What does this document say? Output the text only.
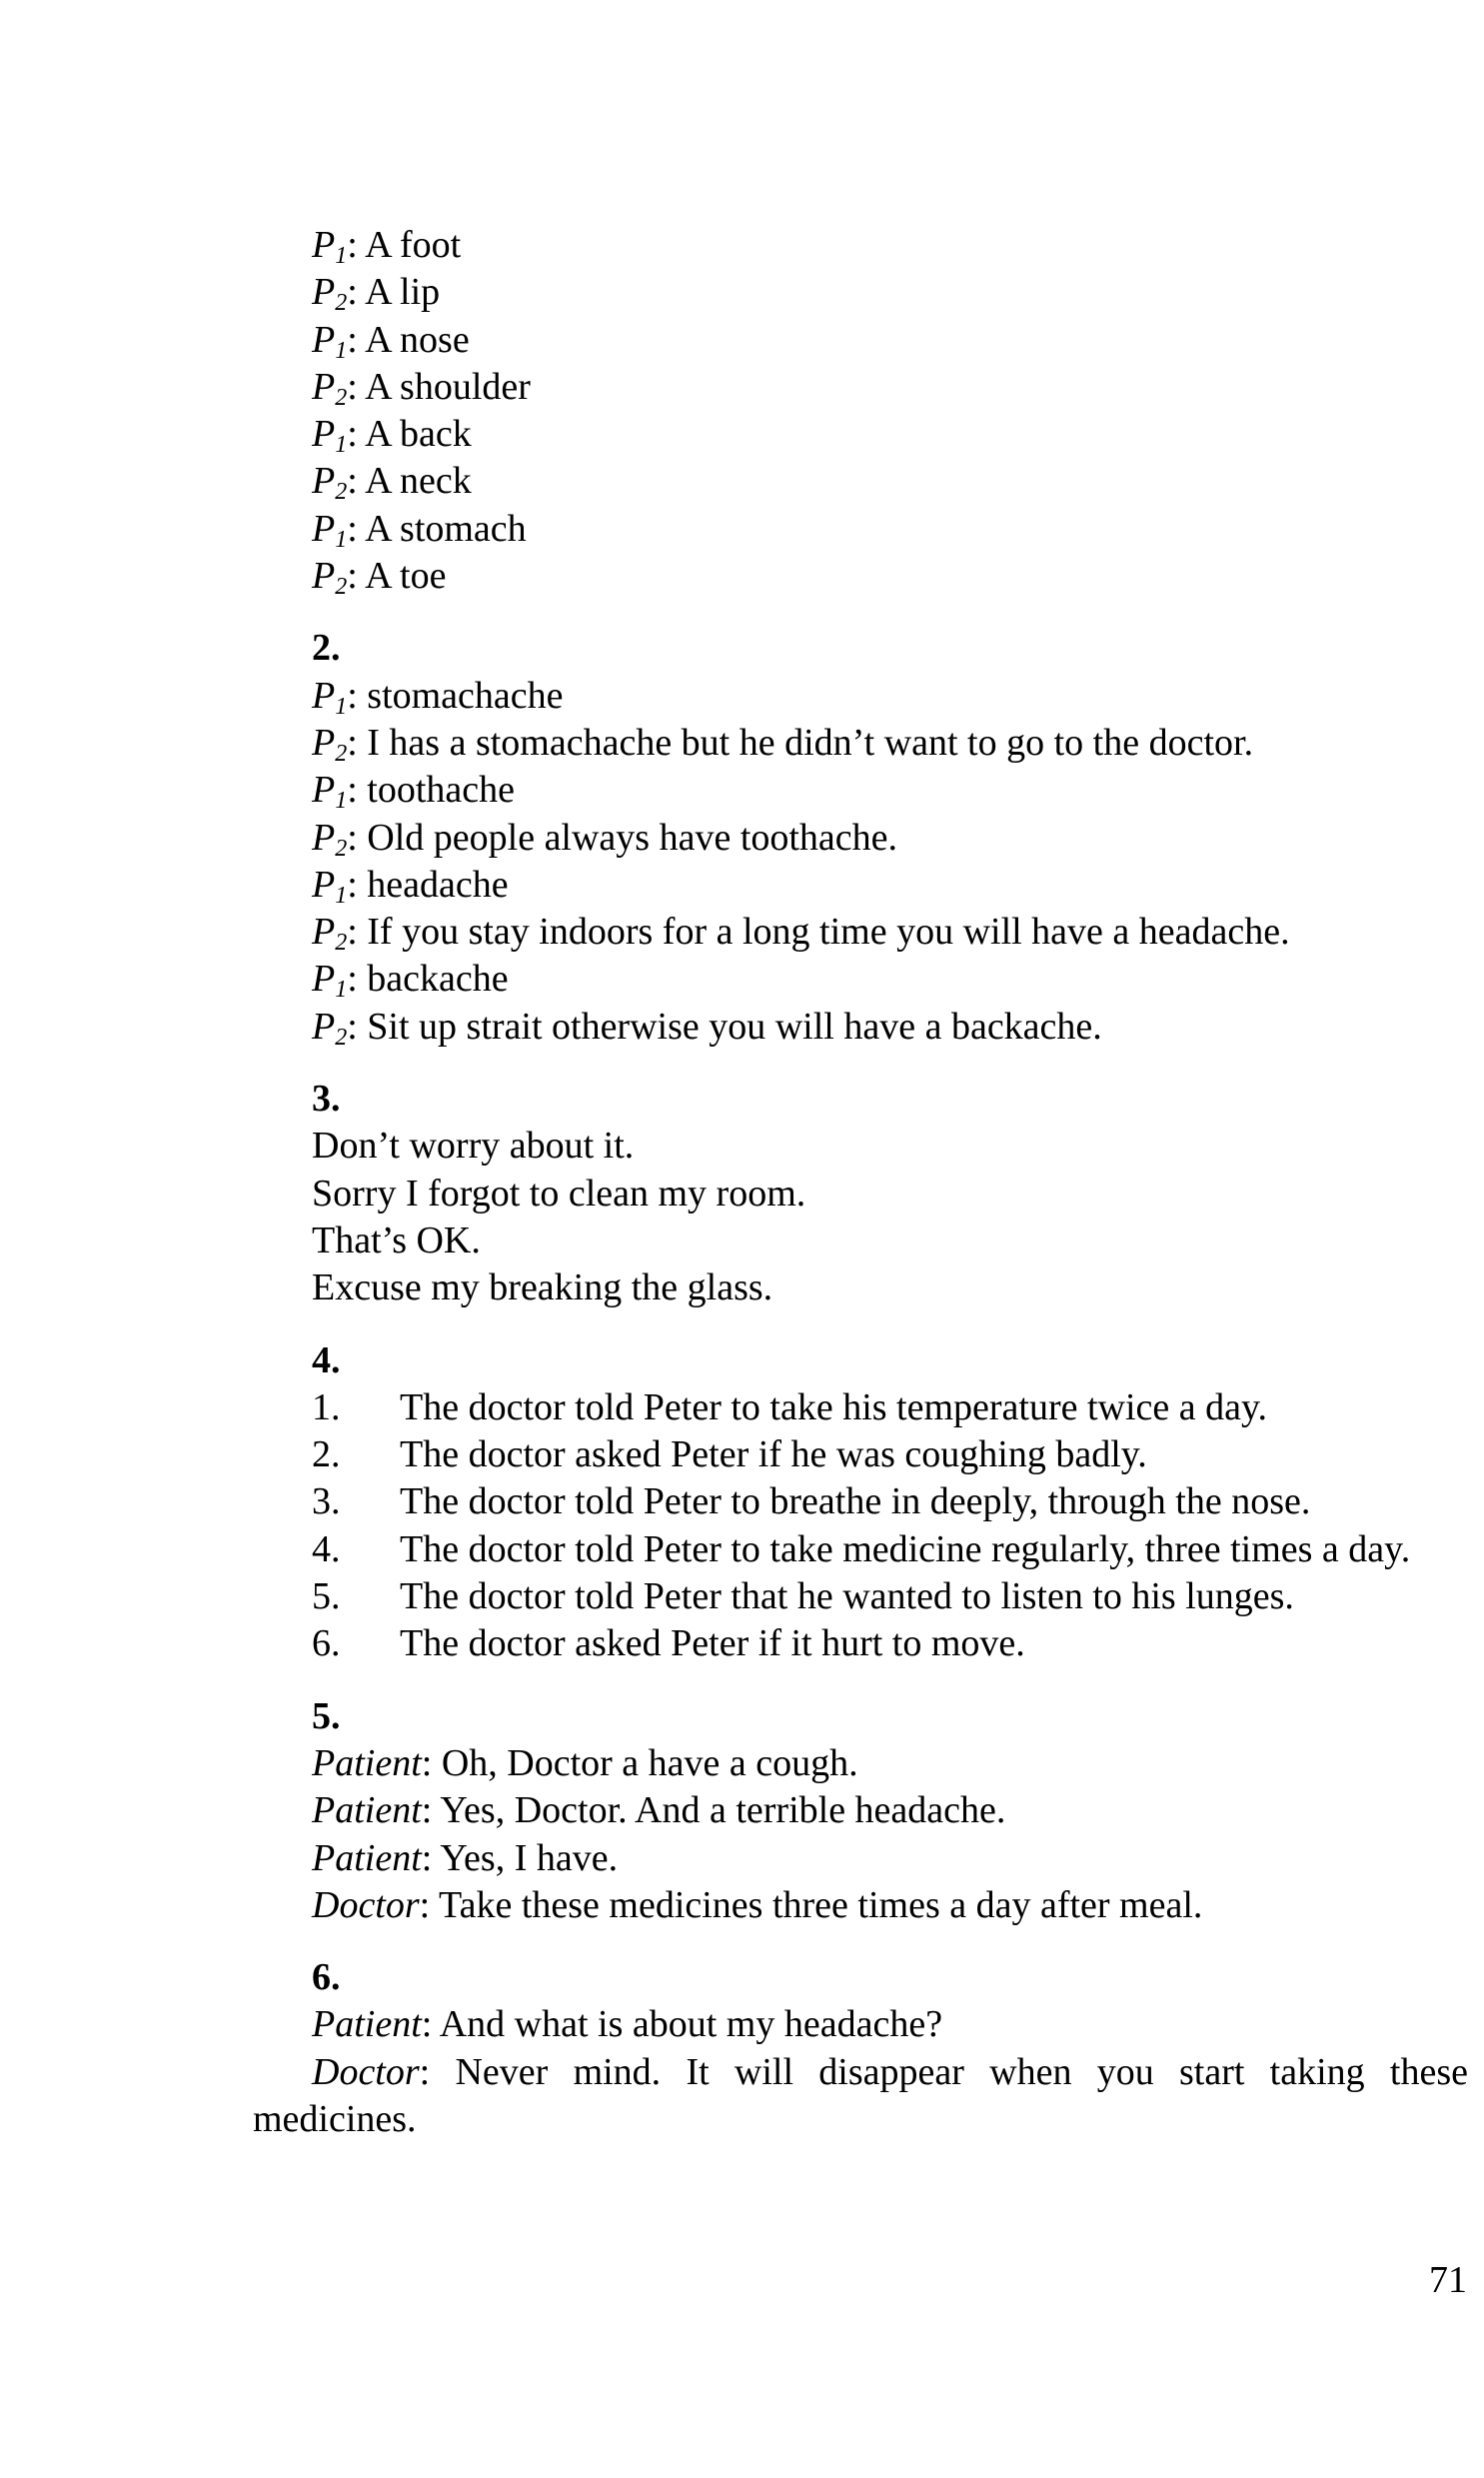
$P_1$: A foot
$P_2$: A lip
$P_1$: A nose
$P_2$: A shoulder
$P_1$: A back
$P_2$: A neck
$P_1$: A stomach
$P_2$: A toe
2.
$P_1$: stomachache
$P_2$: I has a stomachache but he didn’t want to go to the doctor.
$P_1$: toothache
$P_2$: Old people always have toothache.
$P_1$: headache
$P_2$: If you stay indoors for a long time you will have a headache.
$P_1$: backache
$P_2$: Sit up strait otherwise you will have a backache.
3.
Don’t worry about it.
Sorry I forgot to clean my room.
That’s OK.
Excuse my breaking the glass.
4.
1.	The doctor told Peter to take his temperature twice a day.
2.	The doctor asked Peter if he was coughing badly.
3.	The doctor told Peter to breathe in deeply, through the nose.
4.	The doctor told Peter to take medicine regularly, three times a day.
5.	The doctor told Peter that he wanted to listen to his lunges.
6.	The doctor asked Peter if it hurt to move.
5.
Patient: Oh, Doctor a have a cough.
Patient: Yes, Doctor. And a terrible headache.
Patient: Yes, I have.
Doctor: Take these medicines three times a day after meal.
6.
Patient: And what is about my headache?
Doctor: Never mind. It will disappear when you start taking these medicines.
71
